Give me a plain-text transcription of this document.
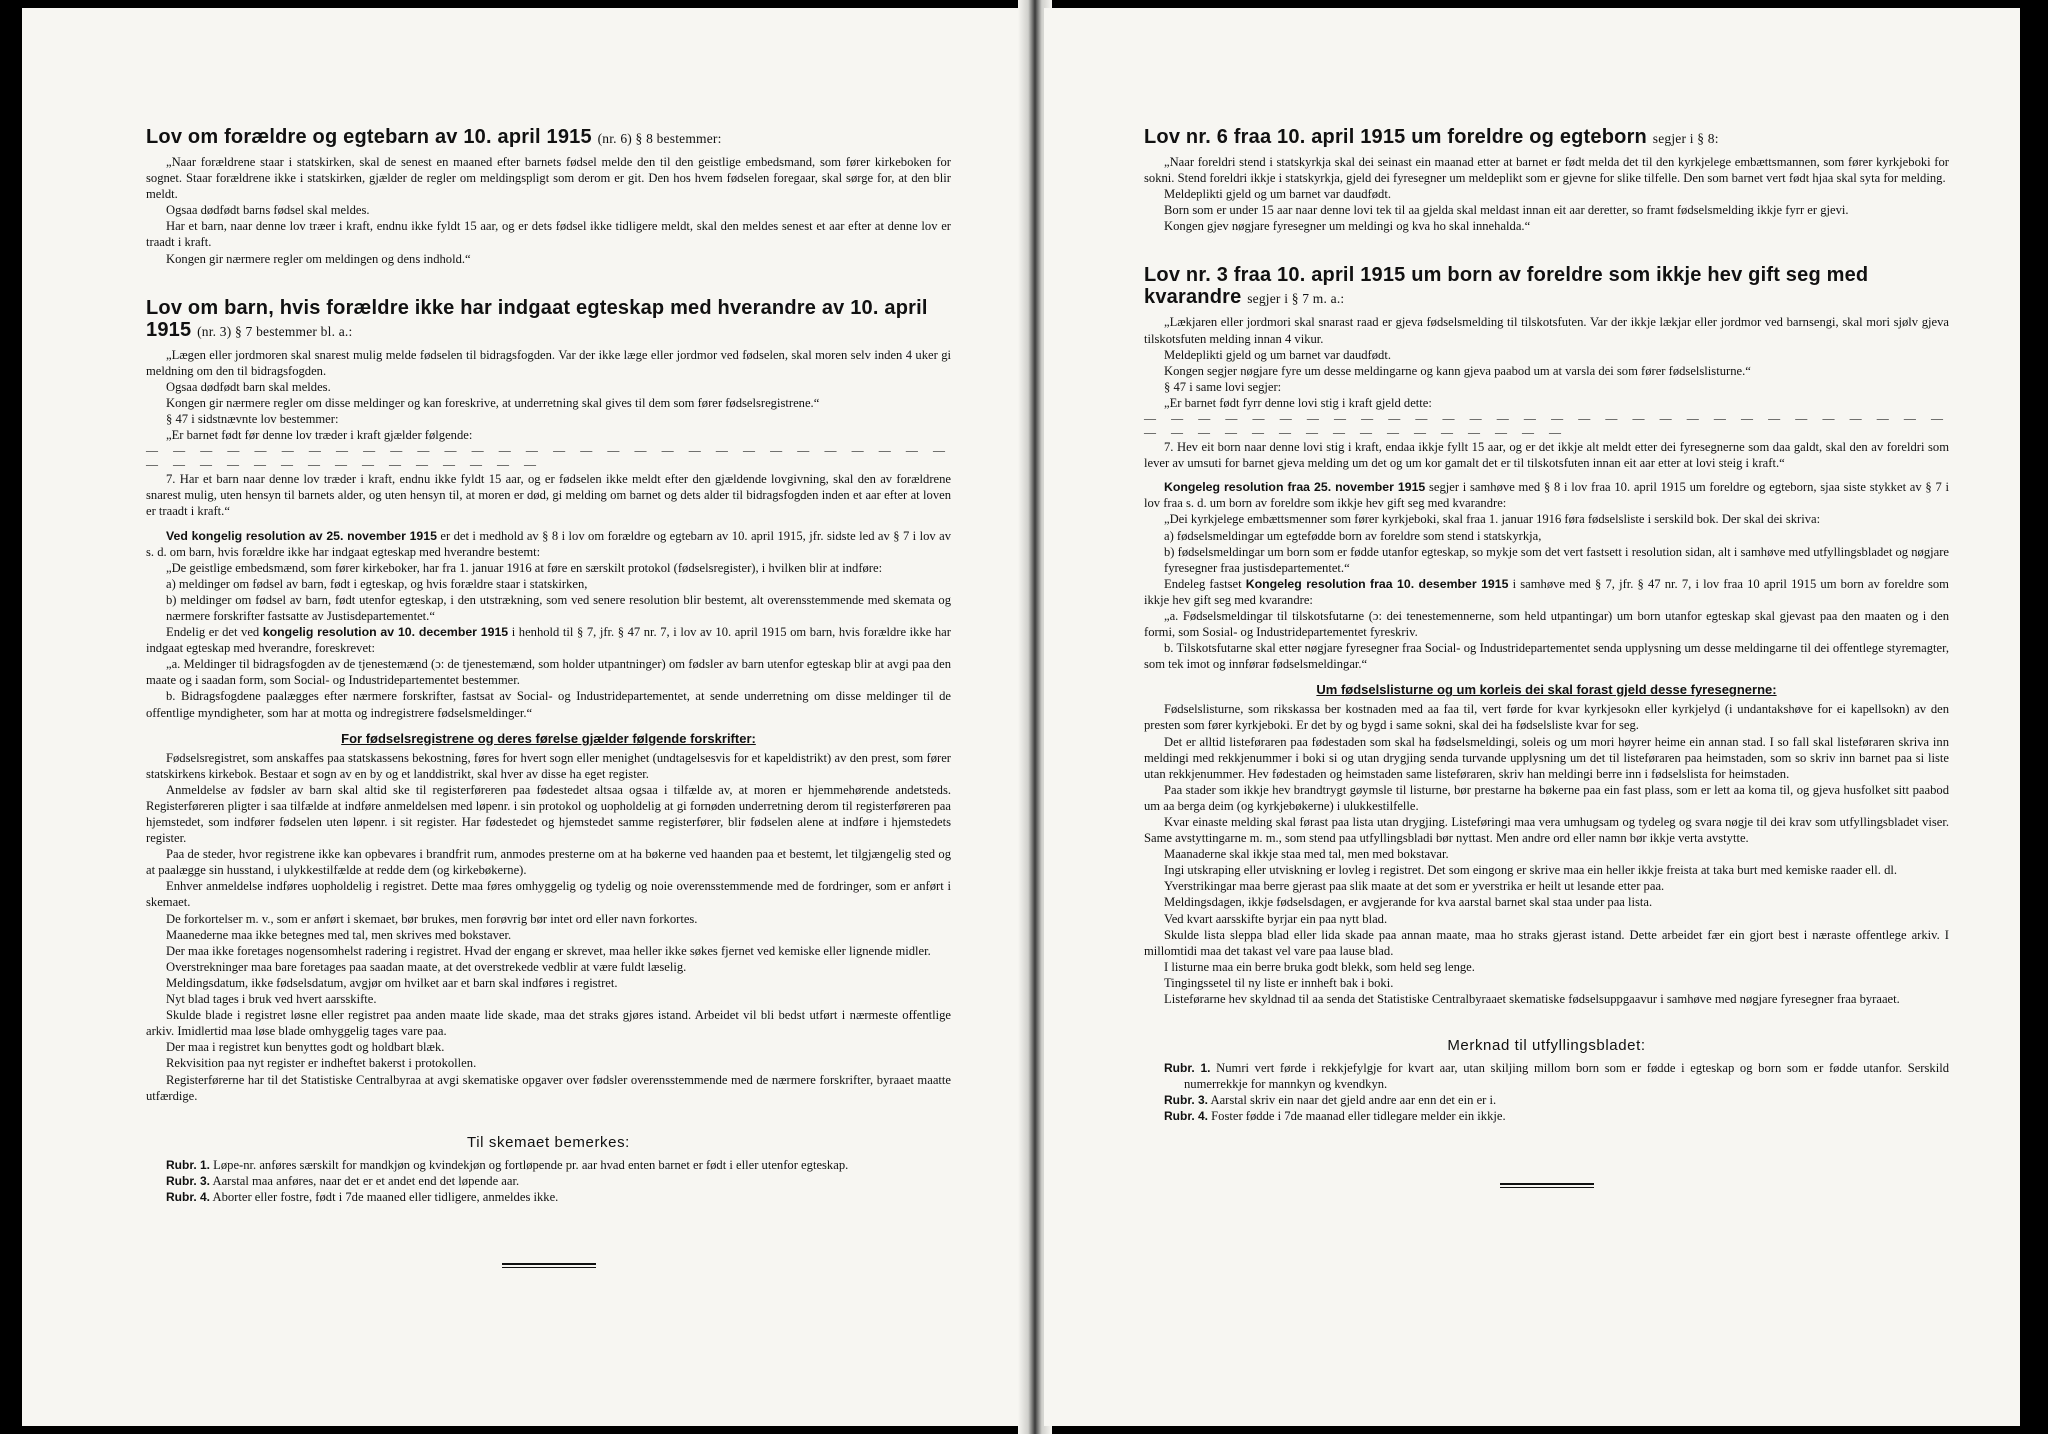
Lov om forældre og egtebarn av 10. april 1915 (nr. 6) § 8 bestemmer:

„Naar forældrene staar i statskirken, skal de senest en maaned efter barnets fødsel melde den til den geistlige embedsmand, som fører kirkeboken for sognet. Staar forældrene ikke i statskirken, gjælder de regler om meldingspligt som derom er git. Den hos hvem fødselen foregaar, skal sørge for, at den blir meldt.

Ogsaa dødfødt barns fødsel skal meldes.

Har et barn, naar denne lov træer i kraft, endnu ikke fyldt 15 aar, og er dets fødsel ikke tidligere meldt, skal den meldes senest et aar efter at denne lov er traadt i kraft.

Kongen gir nærmere regler om meldingen og dens indhold.“

Lov om barn, hvis forældre ikke har indgaat egteskap med hverandre av 10. april 1915 (nr. 3) § 7 bestemmer bl. a.:

„Lægen eller jordmoren skal snarest mulig melde fødselen til bidragsfogden. Var der ikke læge eller jordmor ved fødselen, skal moren selv inden 4 uker gi meldning om den til bidragsfogden.

Ogsaa dødfødt barn skal meldes.

Kongen gir nærmere regler om disse meldinger og kan foreskrive, at underretning skal gives til dem som fører fødselsregistrene.“

§ 47 i sidstnævnte lov bestemmer:

„Er barnet født før denne lov træder i kraft gjælder følgende:

— — — — — — — — — — — — — — — — — — — — — — — — — — — — — — — — — — — — — — — — — — — — —

7. Har et barn naar denne lov træder i kraft, endnu ikke fyldt 15 aar, og er fødselen ikke meldt efter den gjældende lovgivning, skal den av forældrene snarest mulig, uten hensyn til barnets alder, og uten hensyn til, at moren er død, gi melding om barnet og dets alder til bidragsfogden inden et aar efter at loven er traadt i kraft.“

Ved kongelig resolution av 25. november 1915 er det i medhold av § 8 i lov om forældre og egtebarn av 10. april 1915, jfr. sidste led av § 7 i lov av s. d. om barn, hvis forældre ikke har indgaat egteskap med hverandre bestemt:

„De geistlige embedsmænd, som fører kirkeboker, har fra 1. januar 1916 at føre en særskilt protokol (fødselsregister), i hvilken blir at indføre:

a) meldinger om fødsel av barn, født i egteskap, og hvis forældre staar i statskirken,

b) meldinger om fødsel av barn, født utenfor egteskap, i den utstrækning, som ved senere resolution blir bestemt, alt overensstemmende med skemata og nærmere forskrifter fastsatte av Justisdepartementet.“

Endelig er det ved kongelig resolution av 10. december 1915 i henhold til § 7, jfr. § 47 nr. 7, i lov av 10. april 1915 om barn, hvis forældre ikke har indgaat egteskap med hverandre, foreskrevet:

„a. Meldinger til bidragsfogden av de tjenestemænd (ɔ: de tjenestemænd, som holder utpantninger) om fødsler av barn utenfor egteskap blir at avgi paa den maate og i saadan form, som Social- og Industridepartementet bestemmer.

b. Bidragsfogdene paalægges efter nærmere forskrifter, fastsat av Social- og Industridepartementet, at sende underretning om disse meldinger til de offentlige myndigheter, som har at motta og indregistrere fødselsmeldinger.“

For fødselsregistrene og deres førelse gjælder følgende forskrifter:

Fødselsregistret, som anskaffes paa statskassens bekostning, føres for hvert sogn eller menighet (undtagelsesvis for et kapeldistrikt) av den prest, som fører statskirkens kirkebok. Bestaar et sogn av en by og et landdistrikt, skal hver av disse ha eget register.

Anmeldelse av fødsler av barn skal altid ske til registerføreren paa fødestedet altsaa ogsaa i tilfælde av, at moren er hjemmehørende andetsteds. Registerføreren pligter i saa tilfælde at indføre anmeldelsen med løpenr. i sin protokol og uopholdelig at gi fornøden underretning derom til registerføreren paa hjemstedet, som indfører fødselen uten løpenr. i sit register. Har fødestedet og hjemstedet samme registerfører, blir fødselen alene at indføre i hjemstedets register.

Paa de steder, hvor registrene ikke kan opbevares i brandfrit rum, anmodes presterne om at ha bøkerne ved haanden paa et bestemt, let tilgjængelig sted og at paalægge sin husstand, i ulykkestilfælde at redde dem (og kirkebøkerne).

Enhver anmeldelse indføres uopholdelig i registret. Dette maa føres omhyggelig og tydelig og noie overensstemmende med de fordringer, som er anført i skemaet.

De forkortelser m. v., som er anført i skemaet, bør brukes, men forøvrig bør intet ord eller navn forkortes.

Maanederne maa ikke betegnes med tal, men skrives med bokstaver.

Der maa ikke foretages nogensomhelst radering i registret. Hvad der engang er skrevet, maa heller ikke søkes fjernet ved kemiske eller lignende midler.

Overstrekninger maa bare foretages paa saadan maate, at det overstrekede vedblir at være fuldt læselig.

Meldingsdatum, ikke fødselsdatum, avgjør om hvilket aar et barn skal indføres i registret.

Nyt blad tages i bruk ved hvert aarsskifte.

Skulde blade i registret løsne eller registret paa anden maate lide skade, maa det straks gjøres istand. Arbeidet vil bli bedst utført i nærmeste offentlige arkiv. Imidlertid maa løse blade omhyggelig tages vare paa.

Der maa i registret kun benyttes godt og holdbart blæk.

Rekvisition paa nyt register er indheftet bakerst i protokollen.

Registerførerne har til det Statistiske Centralbyraa at avgi skematiske opgaver over fødsler overensstemmende med de nærmere forskrifter, byraaet maatte utfærdige.

Til skemaet bemerkes:

Rubr. 1. Løpe-nr. anføres særskilt for mandkjøn og kvindekjøn og fortløpende pr. aar hvad enten barnet er født i eller utenfor egteskap.

Rubr. 3. Aarstal maa anføres, naar det er et andet end det løpende aar.

Rubr. 4. Aborter eller fostre, født i 7de maaned eller tidligere, anmeldes ikke.

Lov nr. 6 fraa 10. april 1915 um foreldre og egteborn segjer i § 8:

„Naar foreldri stend i statskyrkja skal dei seinast ein maanad etter at barnet er født melda det til den kyrkjelege embættsmannen, som fører kyrkjeboki for sokni. Stend foreldri ikkje i statskyrkja, gjeld dei fyresegner um meldeplikt som er gjevne for slike tilfelle. Den som barnet vert født hjaa skal syta for melding.

Meldeplikti gjeld og um barnet var daudfødt.

Born som er under 15 aar naar denne lovi tek til aa gjelda skal meldast innan eit aar deretter, so framt fødselsmelding ikkje fyrr er gjevi.

Kongen gjev nøgjare fyresegner um meldingi og kva ho skal innehalda.“

Lov nr. 3 fraa 10. april 1915 um born av foreldre som ikkje hev gift seg med kvarandre segjer i § 7 m. a.:

„Lækjaren eller jordmori skal snarast raad er gjeva fødselsmelding til tilskotsfuten. Var der ikkje lækjar eller jordmor ved barnsengi, skal mori sjølv gjeva tilskotsfuten melding innan 4 vikur.

Meldeplikti gjeld og um barnet var daudfødt.

Kongen segjer nøgjare fyre um desse meldingarne og kann gjeva paabod um at varsla dei som fører fødselslisturne.“

§ 47 i same lovi segjer:

„Er barnet født fyrr denne lovi stig i kraft gjeld dette:

— — — — — — — — — — — — — — — — — — — — — — — — — — — — — — — — — — — — — — — — — — — — — —

7. Hev eit born naar denne lovi stig i kraft, endaa ikkje fyllt 15 aar, og er det ikkje alt meldt etter dei fyresegnerne som daa galdt, skal den av foreldri som lever av umsuti for barnet gjeva melding um det og um kor gamalt det er til tilskotsfuten innan eit aar etter at lovi steig i kraft.“

Kongeleg resolution fraa 25. november 1915 segjer i samhøve med § 8 i lov fraa 10. april 1915 um foreldre og egteborn, sjaa siste stykket av § 7 i lov fraa s. d. um born av foreldre som ikkje hev gift seg med kvarandre:

„Dei kyrkjelege embættsmenner som fører kyrkjeboki, skal fraa 1. januar 1916 føra fødselsliste i serskild bok. Der skal dei skriva:

a) fødselsmeldingar um egtefødde born av foreldre som stend i statskyrkja,

b) fødselsmeldingar um born som er fødde utanfor egteskap, so mykje som det vert fastsett i resolution sidan, alt i samhøve med utfyllingsbladet og nøgjare fyresegner fraa justisdepartementet.“

Endeleg fastset Kongeleg resolution fraa 10. desember 1915 i samhøve med § 7, jfr. § 47 nr. 7, i lov fraa 10 april 1915 um born av foreldre som ikkje hev gift seg med kvarandre:

„a. Fødselsmeldingar til tilskotsfutarne (ɔ: dei tenestemennerne, som held utpantingar) um born utanfor egteskap skal gjevast paa den maaten og i den formi, som Sosial- og Industridepartementet fyreskriv.

b. Tilskotsfutarne skal etter nøgjare fyresegner fraa Social- og Industridepartementet senda upplysning um desse meldingarne til dei offentlege styremagter, som tek imot og innførar fødselsmeldingar.“

Um fødselslisturne og um korleis dei skal forast gjeld desse fyresegnerne:

Fødselslisturne, som rikskassa ber kostnaden med aa faa til, vert førde for kvar kyrkjesokn eller kyrkjelyd (i undantakshøve for ei kapellsokn) av den presten som fører kyrkjeboki. Er det by og bygd i same sokni, skal dei ha fødselsliste kvar for seg.

Det er alltid listeføraren paa fødestaden som skal ha fødselsmeldingi, soleis og um mori høyrer heime ein annan stad. I so fall skal listeføraren skriva inn meldingi med rekkjenummer i boki si og utan drygjing senda turvande upplysning um det til listeføraren paa heimstaden, som so skriv inn barnet paa si liste utan rekkjenummer. Hev fødestaden og heimstaden same listeføraren, skriv han meldingi berre inn i fødselslista for heimstaden.

Paa stader som ikkje hev brandtrygt gøymsle til listurne, bør prestarne ha bøkerne paa ein fast plass, som er lett aa koma til, og gjeva husfolket sitt paabod um aa berga deim (og kyrkjebøkerne) i ulukkestilfelle.

Kvar einaste melding skal førast paa lista utan drygjing. Listeføringi maa vera umhugsam og tydeleg og svara nøgje til dei krav som utfyllingsbladet viser. Same avstyttingarne m. m., som stend paa utfyllingsbladi bør nyttast. Men andre ord eller namn bør ikkje verta avstytte.

Maanaderne skal ikkje staa med tal, men med bokstavar.

Ingi utskraping eller utviskning er lovleg i registret. Det som eingong er skrive maa ein heller ikkje freista at taka burt med kemiske raader ell. dl.

Yverstrikingar maa berre gjerast paa slik maate at det som er yverstrika er heilt ut lesande etter paa.

Meldingsdagen, ikkje fødselsdagen, er avgjerande for kva aarstal barnet skal staa under paa lista.

Ved kvart aarsskifte byrjar ein paa nytt blad.

Skulde lista sleppa blad eller lida skade paa annan maate, maa ho straks gjerast istand. Dette arbeidet fær ein gjort best i næraste offentlege arkiv. I millomtidi maa det takast vel vare paa lause blad.

I listurne maa ein berre bruka godt blekk, som held seg lenge.

Tingingssetel til ny liste er innheft bak i boki.

Listeførarne hev skyldnad til aa senda det Statistiske Centralbyraaet skematiske fødselsuppgaavur i samhøve med nøgjare fyresegner fraa byraaet.

Merknad til utfyllingsbladet:

Rubr. 1. Numri vert førde i rekkjefylgje for kvart aar, utan skiljing millom born som er fødde i egteskap og born som er fødde utanfor. Serskild numerrekkje for mannkyn og kvendkyn.

Rubr. 3. Aarstal skriv ein naar det gjeld andre aar enn det ein er i.

Rubr. 4. Foster fødde i 7de maanad eller tidlegare melder ein ikkje.
